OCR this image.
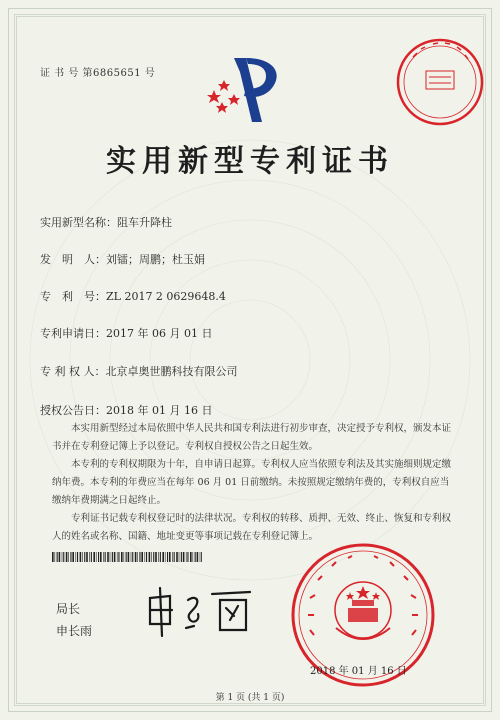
证 书 号 第6865651 号
实用新型专利证书
实用新型名称：阻车升降柱
发　明　人：刘镭；周鹏；杜玉娟
专　利　号：ZL 2017 2 0629648.4
专利申请日：2017 年 06 月 01 日
专 利 权 人：北京卓奥世鹏科技有限公司
授权公告日：2018 年 01 月 16 日

本实用新型经过本局依照中华人民共和国专利法进行初步审查，决定授予专利权，颁发本证书并在专利登记簿上予以登记。专利权自授权公告之日起生效。

本专利的专利权期限为十年，自申请日起算。专利权人应当依照专利法及其实施细则规定缴纳年费。本专利的年费应当在每年 06 月 01 日前缴纳。未按照规定缴纳年费的，专利权自应当缴纳年费期满之日起终止。

专利证书记载专利权登记时的法律状况。专利权的转移、质押、无效、终止、恢复和专利权人的姓名或名称、国籍、地址变更等事项记载在专利登记簿上。

局长
申长雨
2018 年 01 月 16 日
第 1 页 (共 1 页)
